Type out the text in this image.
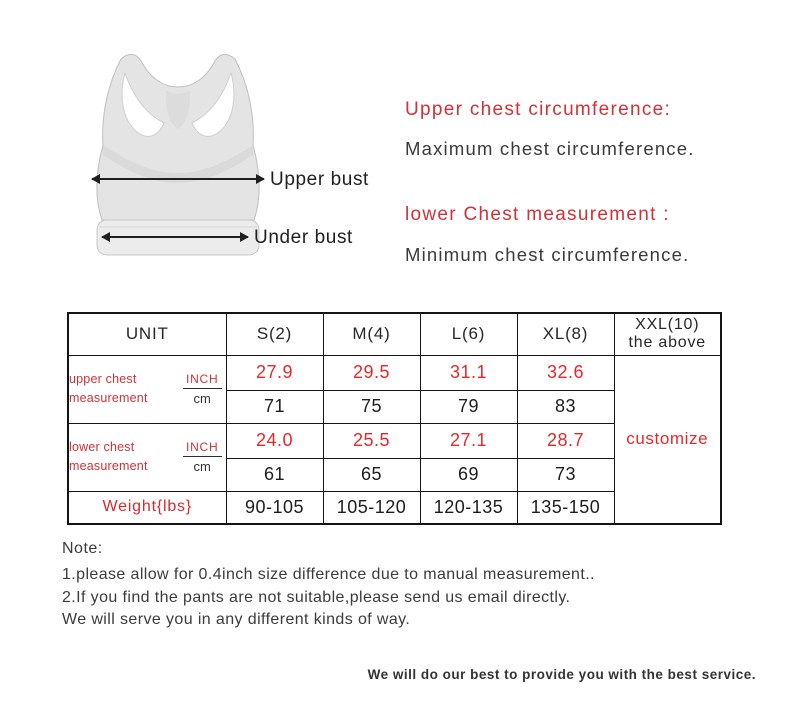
Upper bust
Under bust
Upper chest circumference:
Maximum chest circumference.
lower Chest measurement :
Minimum chest circumference.
UNIT	S(2)	M(4)	L(6)	XL(8)	XXL(10)
the above

upper chest
measurement $\frac{\text{INCH}}{cm}$	27.9	29.5	31.1	32.6	customize
	71	75	79	83	

lower chest
measurement $\frac{\text{INCH}}{cm}$	24.0	25.5	27.1	28.7	
	61	65	69	73	
Weight{lbs}	90-105	105-120	120-135	135-150	
Note:
1.please allow for 0.4inch size difference due to manual measurement..
2.If you find the pants are not suitable,please send us email directly.
We will serve you in any different kinds of way.
We will do our best to provide you with the best service.
